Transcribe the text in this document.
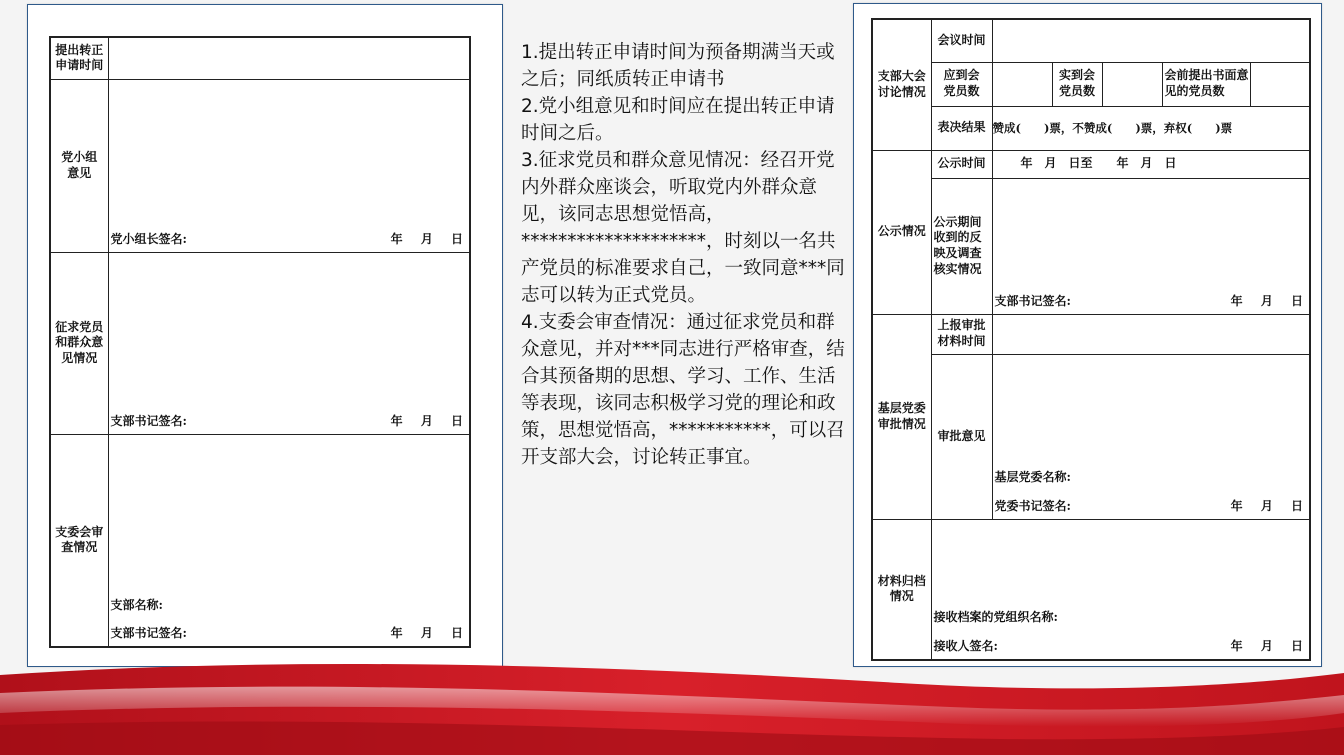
提出转正申请时间	
党小组意见	党小组长签名: 年 月 日

征求党员和群众意见情况	支部书记签名: 年 月 日

支委会审查情况	支部名称:
支部书记签名: 年 月 日

1.提出转正申请时间为预备期满当天或之后；同纸质转正申请书

2.党小组意见和时间应在提出转正申请时间之后。

3.征求党员和群众意见情况：经召开党内外群众座谈会，听取党内外群众意见，该同志思想觉悟高，********************，时刻以一名共产党员的标准要求自己，一致同意***同志可以转为正式党员。

4.支委会审查情况：通过征求党员和群众意见，并对***同志进行严格审查，结合其预备期的思想、学习、工作、生活等表现，该同志积极学习党的理论和政策，思想觉悟高，***********，可以召开支部大会，讨论转正事宜。

支部大会讨论情况	会议时间					
	应到会党员数		实到会党员数		会前提出书面意见的党员数	
	表决结果	赞成(　　)票，不赞成(　　)票，弃权(　　)票				
公示情况	公示时间	年　月　日至　　年　月　日				
	公示期间收到的反映及调查核实情况	支部书记签名: 年 月 日				

基层党委审批情况	上报审批材料时间					
	审批意见	基层党委名称:
党委书记签名: 年 月 日				

材料归档情况	接收档案的党组织名称:
接收人签名: 年 月 日					
